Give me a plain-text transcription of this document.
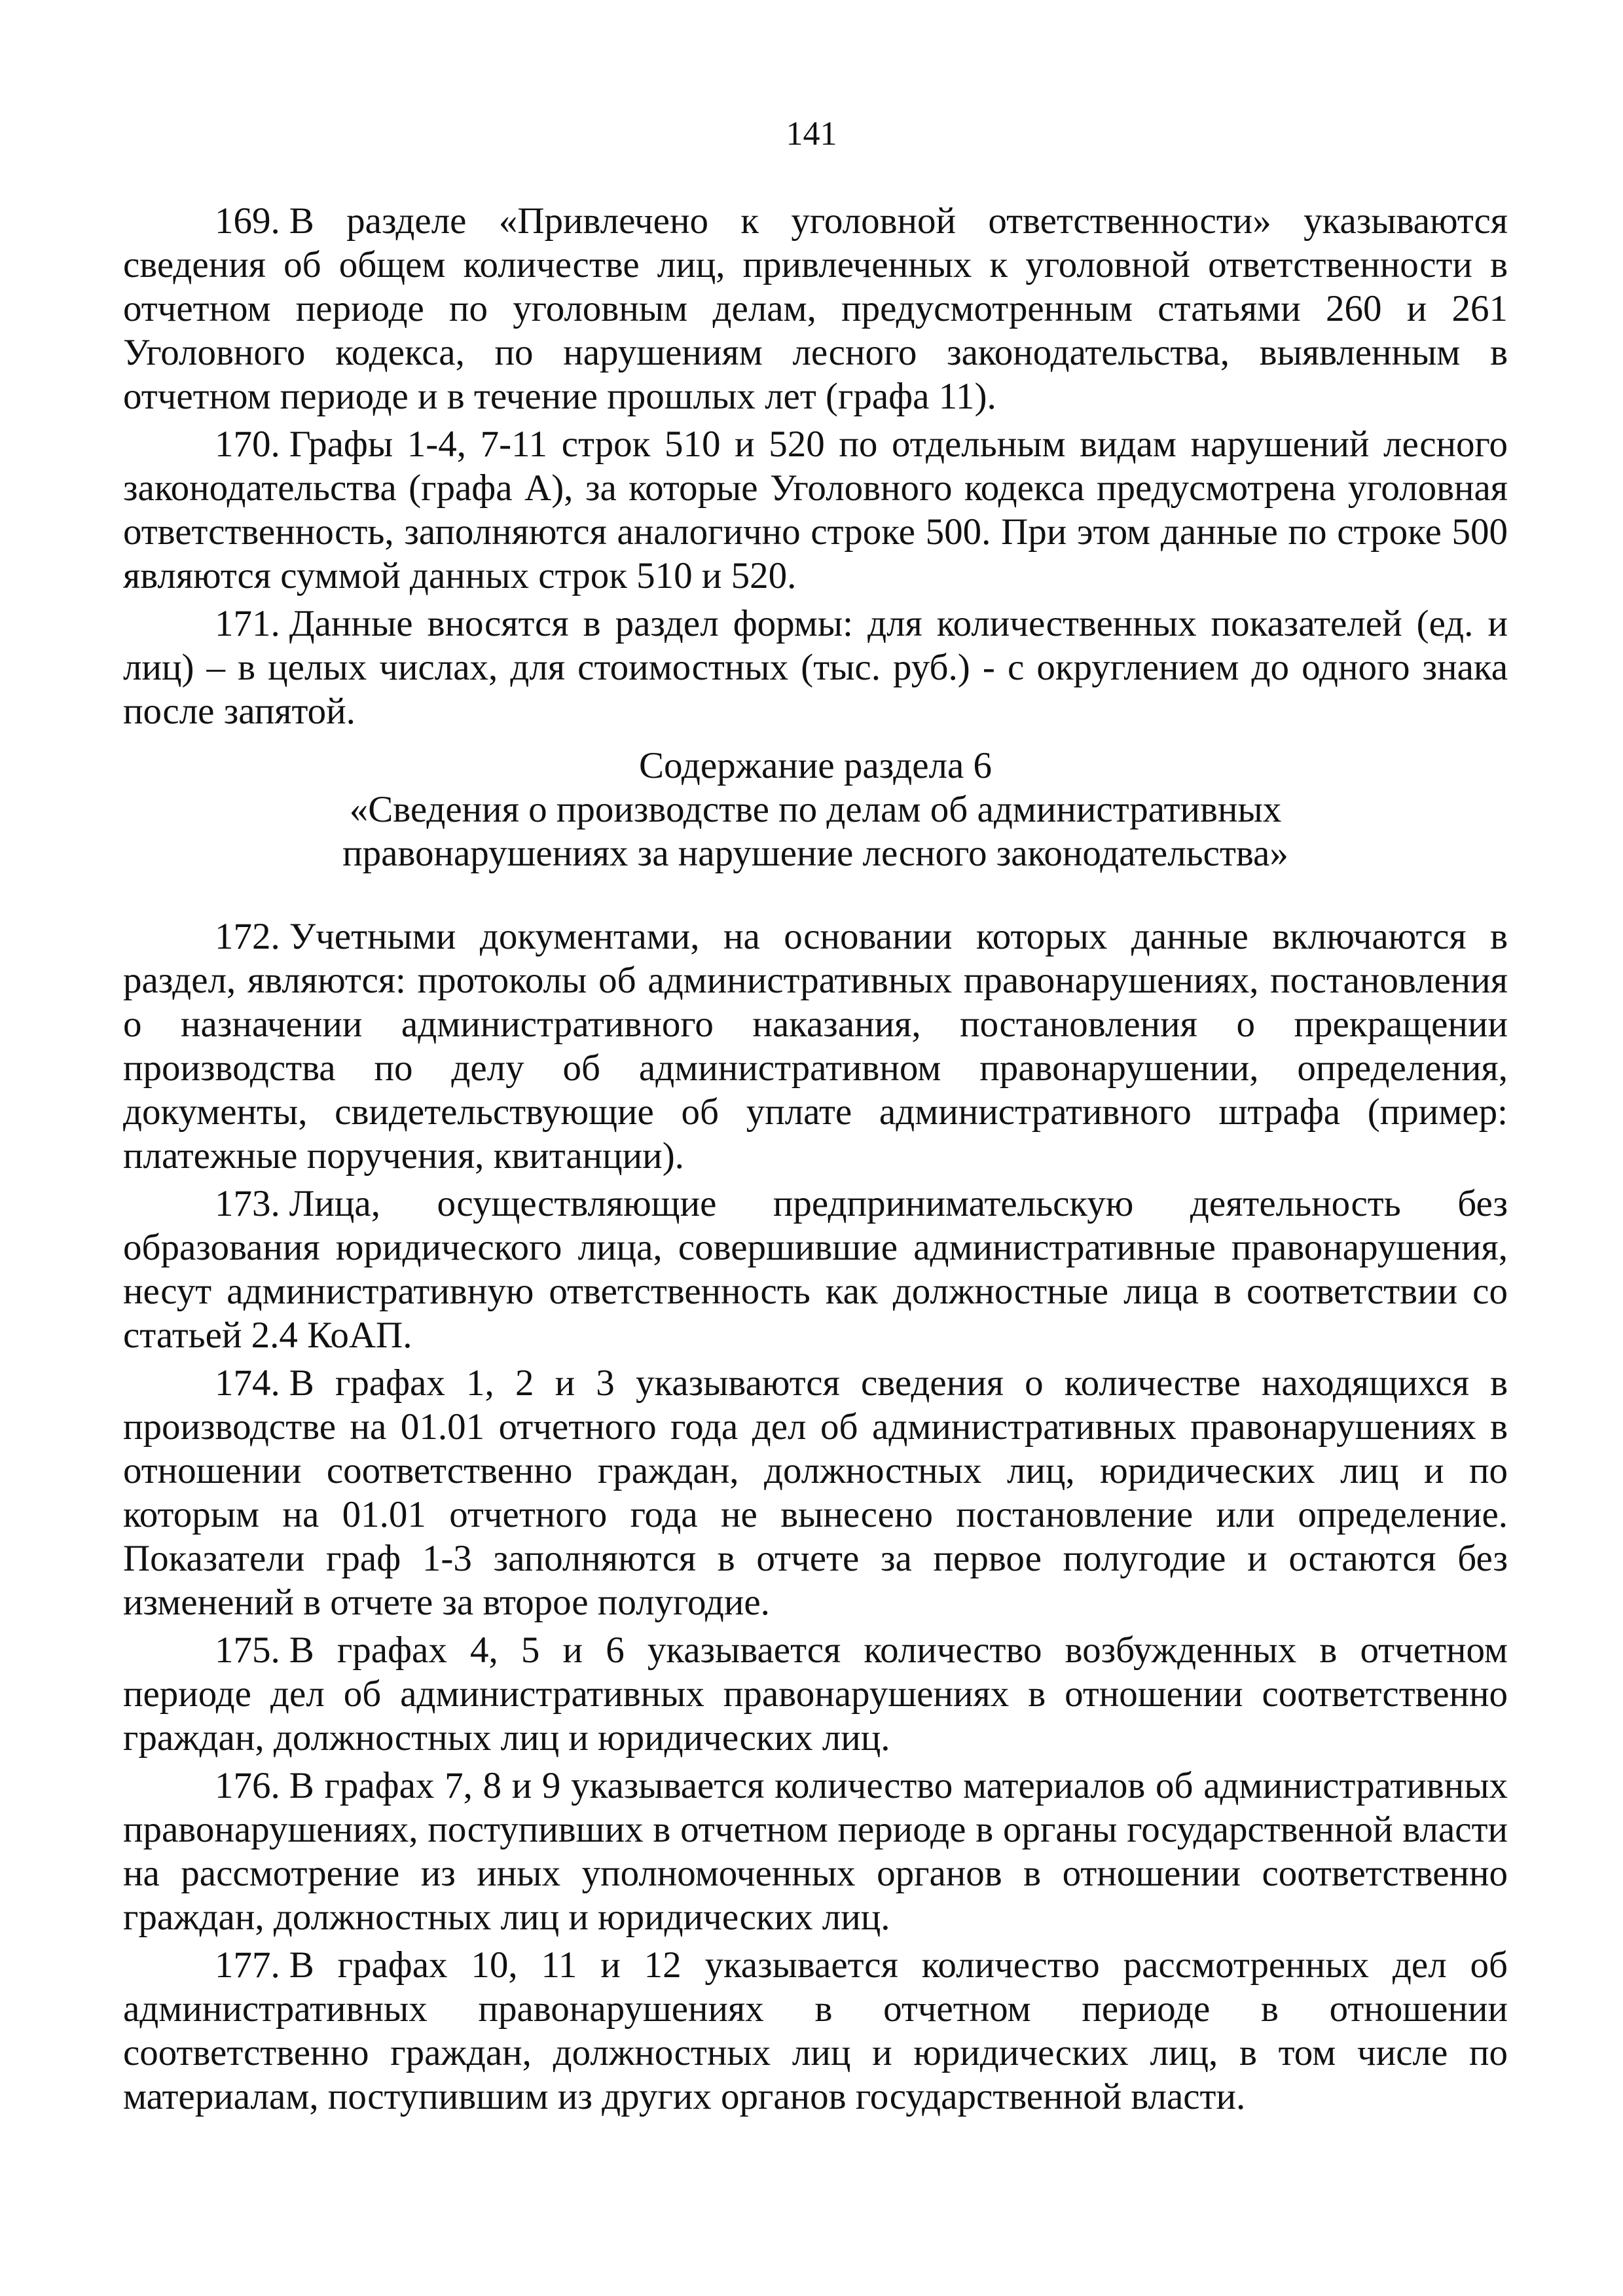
141

169. В разделе «Привлечено к уголовной ответственности» указываются сведения об общем количестве лиц, привлеченных к уголовной ответственности в отчетном периоде по уголовным делам, предусмотренным статьями 260 и 261 Уголовного кодекса, по нарушениям лесного законодательства, выявленным в отчетном периоде и в течение прошлых лет (графа 11).

170. Графы 1-4, 7-11 строк 510 и 520 по отдельным видам нарушений лесного законодательства (графа А), за которые Уголовного кодекса предусмотрена уголовная ответственность, заполняются аналогично строке 500. При этом данные по строке 500 являются суммой данных строк 510 и 520.

171. Данные вносятся в раздел формы: для количественных показателей (ед. и лиц) – в целых числах, для стоимостных (тыс. руб.) - с округлением до одного знака после запятой.

Содержание раздела 6
«Сведения о производстве по делам об административных
правонарушениях за нарушение лесного законодательства»

172. Учетными документами, на основании которых данные включаются в раздел, являются: протоколы об административных правонарушениях, постановления о назначении административного наказания, постановления о прекращении производства по делу об административном правонарушении, определения, документы, свидетельствующие об уплате административного штрафа (пример: платежные поручения, квитанции).

173. Лица, осуществляющие предпринимательскую деятельность без образования юридического лица, совершившие административные правонарушения, несут административную ответственность как должностные лица в соответствии со статьей 2.4 КоАП.

174. В графах 1, 2 и 3 указываются сведения о количестве находящихся в производстве на 01.01 отчетного года дел об административных правонарушениях в отношении соответственно граждан, должностных лиц, юридических лиц и по которым на 01.01 отчетного года не вынесено постановление или определение. Показатели граф 1-3 заполняются в отчете за первое полугодие и остаются без изменений в отчете за второе полугодие.

175. В графах 4, 5 и 6 указывается количество возбужденных в отчетном периоде дел об административных правонарушениях в отношении соответственно граждан, должностных лиц и юридических лиц.

176. В графах 7, 8 и 9 указывается количество материалов об административных правонарушениях, поступивших в отчетном периоде в органы государственной власти на рассмотрение из иных уполномоченных органов в отношении соответственно граждан, должностных лиц и юридических лиц.

177. В графах 10, 11 и 12 указывается количество рассмотренных дел об административных правонарушениях в отчетном периоде в отношении соответственно граждан, должностных лиц и юридических лиц, в том числе по материалам, поступившим из других органов государственной власти.
